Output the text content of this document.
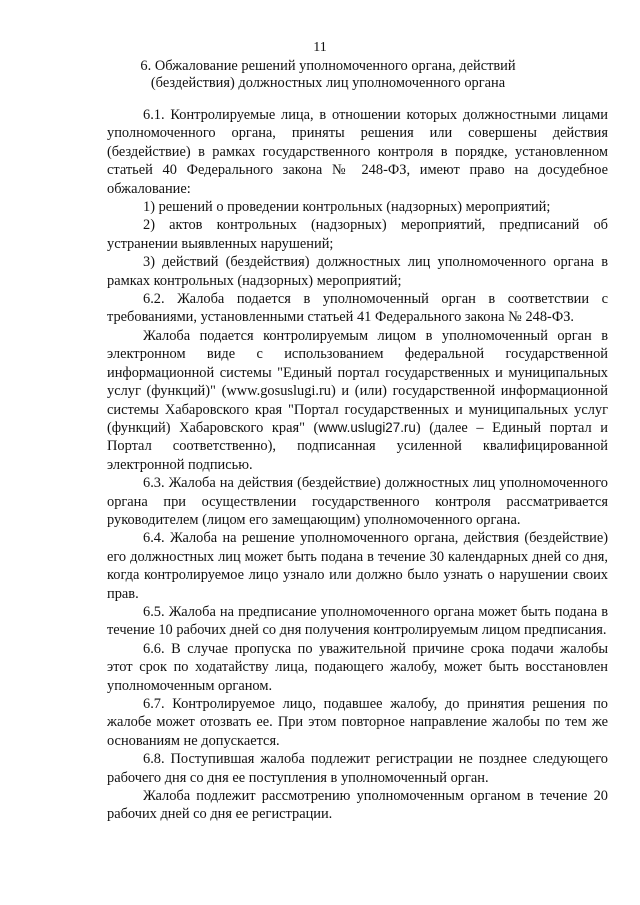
11
6. Обжалование решений уполномоченного органа, действий
(бездействия) должностных лиц уполномоченного органа

6.1. Контролируемые лица, в отношении которых должностными лицами уполномоченного органа, приняты решения или совершены действия (бездействие) в рамках государственного контроля в порядке, установленном статьей 40 Федерального закона № 248-ФЗ, имеют право на досудебное обжалование:

1) решений о проведении контрольных (надзорных) мероприятий;

2) актов контрольных (надзорных) мероприятий, предписаний об устранении выявленных нарушений;

3) действий (бездействия) должностных лиц уполномоченного органа в рамках контрольных (надзорных) мероприятий;

6.2. Жалоба подается в уполномоченный орган в соответствии с требованиями, установленными статьей 41 Федерального закона № 248-ФЗ.

Жалоба подается контролируемым лицом в уполномоченный орган в электронном виде с использованием федеральной государственной информационной системы "Единый портал государственных и муниципальных услуг (функций)" (www.gosuslugi.ru) и (или) государственной информационной системы Хабаровского края "Портал государственных и муниципальных услуг (функций) Хабаровского края" (www.uslugi27.ru) (далее – Единый портал и Портал соответственно), подписанная усиленной квалифицированной электронной подписью.

6.3. Жалоба на действия (бездействие) должностных лиц уполномоченного органа при осуществлении государственного контроля рассматривается руководителем (лицом его замещающим) уполномоченного органа.

6.4. Жалоба на решение уполномоченного органа, действия (бездействие) его должностных лиц может быть подана в течение 30 календарных дней со дня, когда контролируемое лицо узнало или должно было узнать о нарушении своих прав.

6.5. Жалоба на предписание уполномоченного органа может быть подана в течение 10 рабочих дней со дня получения контролируемым лицом предписания.

6.6. В случае пропуска по уважительной причине срока подачи жалобы этот срок по ходатайству лица, подающего жалобу, может быть восстановлен уполномоченным органом.

6.7. Контролируемое лицо, подавшее жалобу, до принятия решения по жалобе может отозвать ее. При этом повторное направление жалобы по тем же основаниям не допускается.

6.8. Поступившая жалоба подлежит регистрации не позднее следующего рабочего дня со дня ее поступления в уполномоченный орган.

Жалоба подлежит рассмотрению уполномоченным органом в течение 20 рабочих дней со дня ее регистрации.
